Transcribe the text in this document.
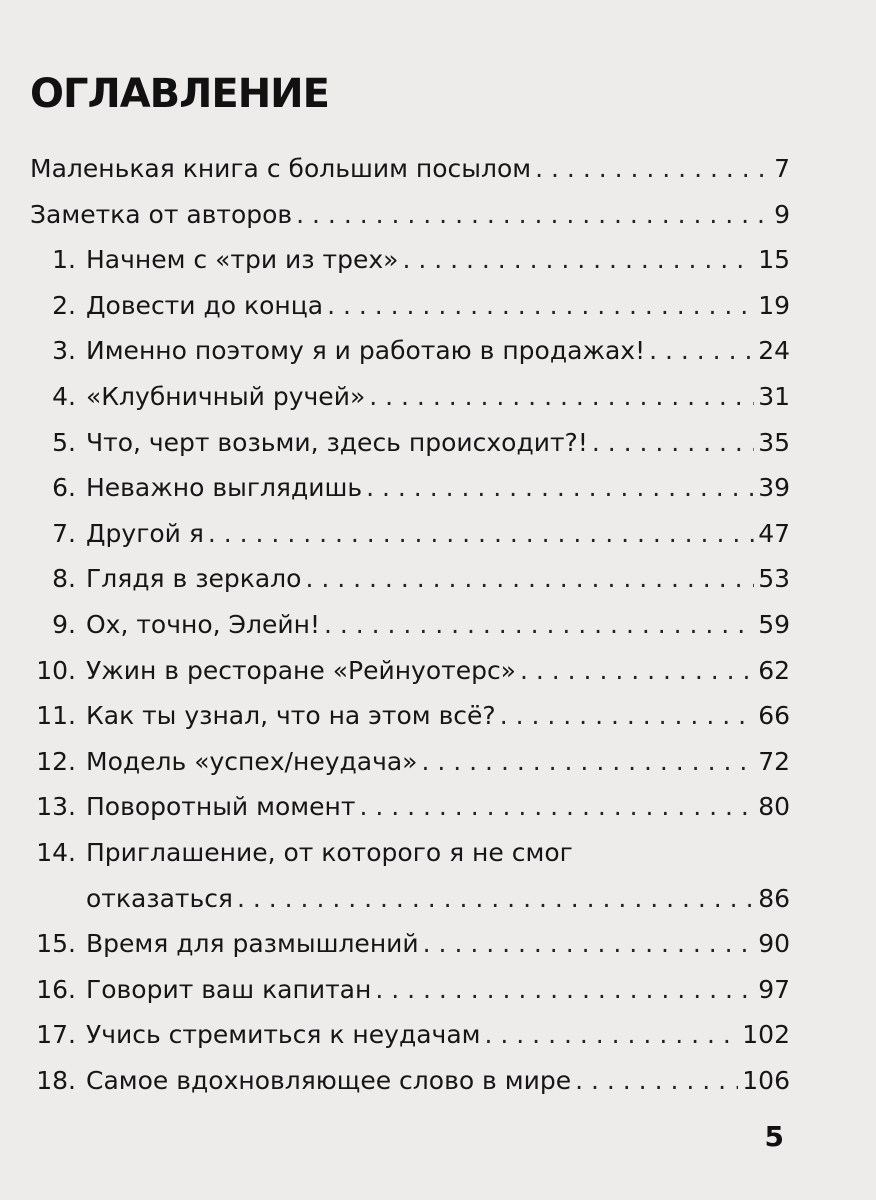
ОГЛАВЛЕНИЕ
Маленькая книга с большим посылом . . .	7
Заметка от авторов . . .	9
1. Начнем с «три из трех» . . .	15
2. Довести до конца . . .	19
3. Именно поэтому я и работаю в продажах! . . .	24
4. «Клубничный ручей» . . .	31
5. Что, черт возьми, здесь происходит?! . . .	35
6. Неважно выглядишь . . .	39
7. Другой я . . .	47
8. Глядя в зеркало . . .	53
9. Ох, точно, Элейн! . . .	59
10. Ужин в ресторане «Рейнуотерс» . . .	62
11. Как ты узнал, что на этом всё? . . .	66
12. Модель «успех/неудача» . . .	72
13. Поворотный момент . . .	80
14. Приглашение, от которого я не смог
отказаться . . .	86
15. Время для размышлений . . .	90
16. Говорит ваш капитан . . .	97
17. Учись стремиться к неудачам . . .	102
18. Самое вдохновляющее слово в мире . . .	106
5
